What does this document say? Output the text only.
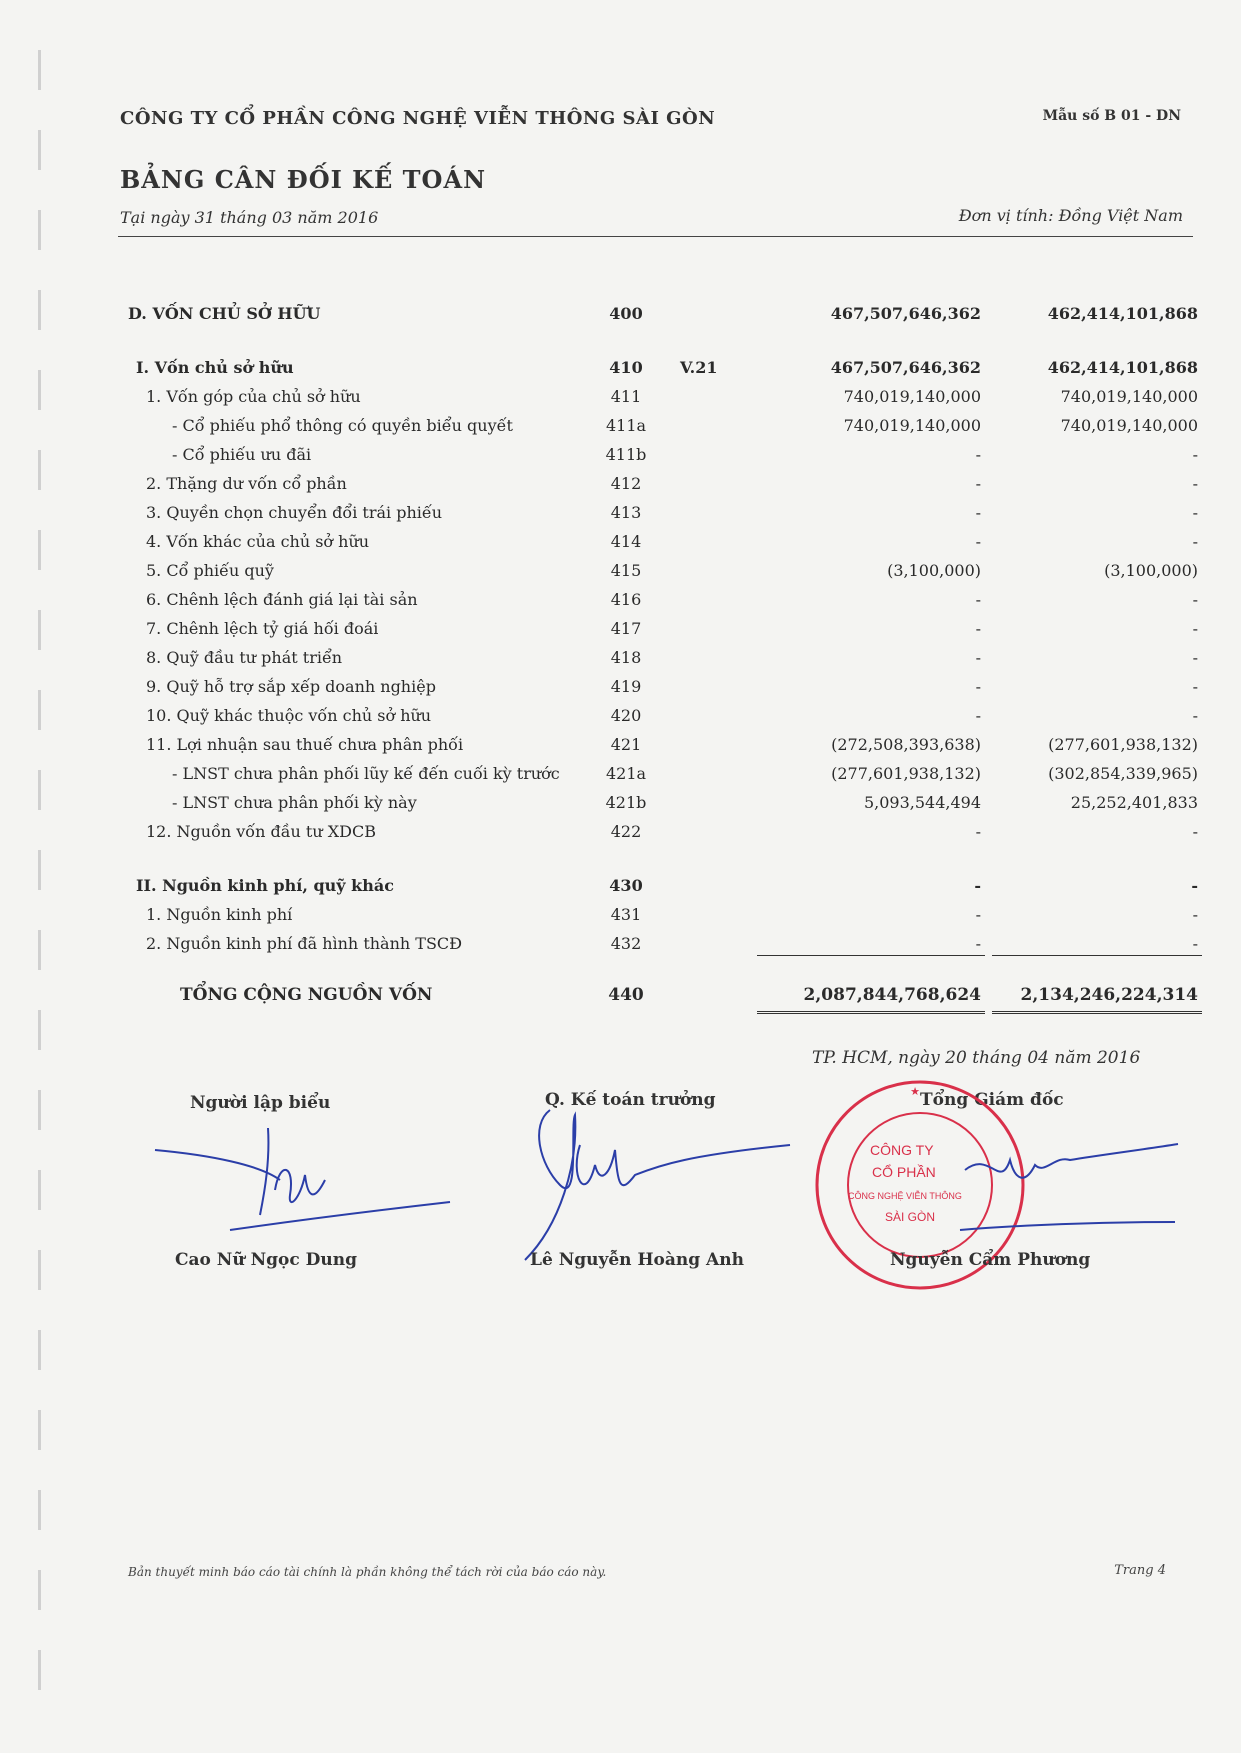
CÔNG TY CỔ PHẦN CÔNG NGHỆ VIỄN THÔNG SÀI GÒN	Mẫu số B 01 - DN
BẢNG CÂN ĐỐI KẾ TOÁN
Tại ngày 31 tháng 03 năm 2016	Đơn vị tính: Đồng Việt Nam
D. VỐN CHỦ SỞ HỮU	400	467,507,646,362	462,414,101,868
I. Vốn chủ sở hữu	410	V.21	467,507,646,362	462,414,101,868
1. Vốn góp của chủ sở hữu	411	740,019,140,000	740,019,140,000
- Cổ phiếu phổ thông có quyền biểu quyết	411a	740,019,140,000	740,019,140,000
- Cổ phiếu ưu đãi	411b	-	-
2. Thặng dư vốn cổ phần	412	-	-
3. Quyền chọn chuyển đổi trái phiếu	413	-	-
4. Vốn khác của chủ sở hữu	414	-	-
5. Cổ phiếu quỹ	415	(3,100,000)	(3,100,000)
6. Chênh lệch đánh giá lại tài sản	416	-	-
7. Chênh lệch tỷ giá hối đoái	417	-	-
8. Quỹ đầu tư phát triển	418	-	-
9. Quỹ hỗ trợ sắp xếp doanh nghiệp	419	-	-
10. Quỹ khác thuộc vốn chủ sở hữu	420	-	-
11. Lợi nhuận sau thuế chưa phân phối	421	(272,508,393,638)	(277,601,938,132)
- LNST chưa phân phối lũy kế đến cuối kỳ trước	421a	(277,601,938,132)	(302,854,339,965)
- LNST chưa phân phối kỳ này	421b	5,093,544,494	25,252,401,833
12. Nguồn vốn đầu tư XDCB	422	-	-
II. Nguồn kinh phí, quỹ khác	430	-	-
1. Nguồn kinh phí	431	-	-
2. Nguồn kinh phí đã hình thành TSCĐ	432	-	-
TỔNG CỘNG NGUỒN VỐN	440	2,087,844,768,624 2,134,246,224,314
TP. HCM, ngày 20 tháng 04 năm 2016
Người lập biểu	Q. Kế toán trưởng	Tổng Giám đốc
CÔNG TY
CỔ PHẦN
CÔNG NGHỆ VIỄN THÔNG
SÀI GÒN
★
Cao Nữ Ngọc Dung	Lê Nguyễn Hoàng Anh	Nguyễn Cẩm Phương
Bản thuyết minh báo cáo tài chính là phần không thể tách rời của báo cáo này.	Trang 4
